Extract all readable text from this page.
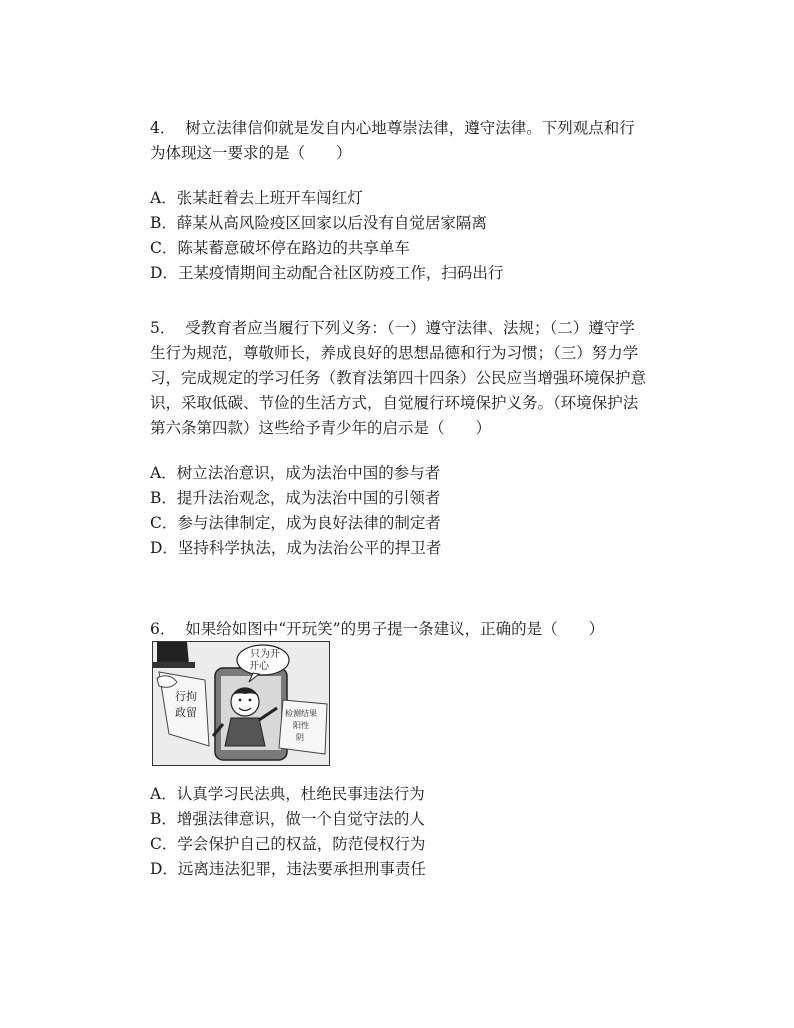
4． 树立法律信仰就是发自内心地尊崇法律，遵守法律。下列观点和行为体现这一要求的是（　　）

A．张某赶着去上班开车闯红灯
B．薛某从高风险疫区回家以后没有自觉居家隔离
C．陈某蓄意破坏停在路边的共享单车
D．王某疫情期间主动配合社区防疫工作，扫码出行

5． 受教育者应当履行下列义务：（一）遵守法律、法规；（二）遵守学生行为规范，尊敬师长，养成良好的思想品德和行为习惯；（三）努力学习，完成规定的学习任务（教育法第四十四条）公民应当增强环境保护意识，采取低碳、节俭的生活方式，自觉履行环境保护义务。（环境保护法第六条第四款）这些给予青少年的启示是（　　）

A．树立法治意识，成为法治中国的参与者
B．提升法治观念，成为法治中国的引领者
C．参与法律制定，成为良好法律的制定者
D．坚持科学执法，成为法治公平的捍卫者

6． 如果给如图中“开玩笑”的男子提一条建议，正确的是（　　）

A．认真学习民法典，杜绝民事违法行为
B．增强法律意识，做一个自觉守法的人
C．学会保护自己的权益，防范侵权行为
D．远离违法犯罪，违法要承担刑事责任
行拘
政留
只为开
开心
检测结果
阳性
阴
